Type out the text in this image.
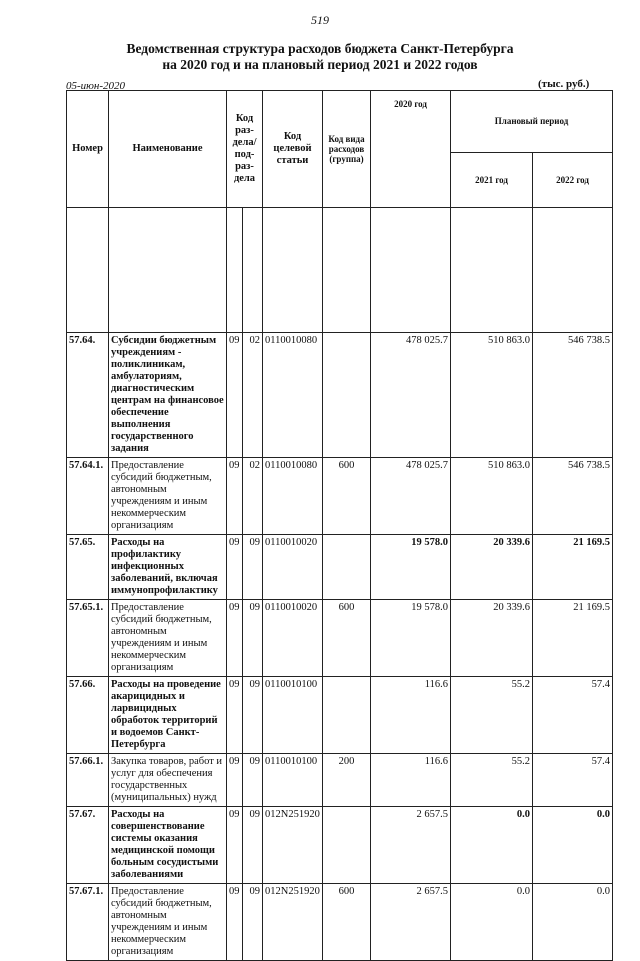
519
Ведомственная структура расходов бюджета Санкт-Петербурга
на 2020 год и на плановый период 2021 и 2022 годов
05-июн-2020	(тыс. руб.)
Номер	Наименование	Код раз-дела/ под-раз-дела		Код целевой статьи	Код вида расходов (группа)	2020 год	Плановый период	
							2021 год	2022 год

57.64.	Субсидии бюджетным учреждениям - поликлиникам, амбулаториям, диагностическим центрам на финансовое обеспечение выполнения государственного задания	09	02	0110010080		478 025.7	510 863.0	546 738.5
57.64.1.	Предоставление субсидий бюджетным, автономным учреждениям и иным некоммерческим организациям	09	02	0110010080	600	478 025.7	510 863.0	546 738.5
57.65.	Расходы на профилактику инфекционных заболеваний, включая иммунопрофилактику	09	09	0110010020		19 578.0	20 339.6	21 169.5
57.65.1.	Предоставление субсидий бюджетным, автономным учреждениям и иным некоммерческим организациям	09	09	0110010020	600	19 578.0	20 339.6	21 169.5
57.66.	Расходы на проведение акарицидных и ларвицидных обработок территорий и водоемов Санкт-Петербурга	09	09	0110010100		116.6	55.2	57.4
57.66.1.	Закупка товаров, работ и услуг для обеспечения государственных (муниципальных) нужд	09	09	0110010100	200	116.6	55.2	57.4
57.67.	Расходы на совершенствование системы оказания медицинской помощи больным сосудистыми заболеваниями	09	09	012N251920		2 657.5	0.0	0.0
57.67.1.	Предоставление субсидий бюджетным, автономным учреждениям и иным некоммерческим организациям	09	09	012N251920	600	2 657.5	0.0	0.0
